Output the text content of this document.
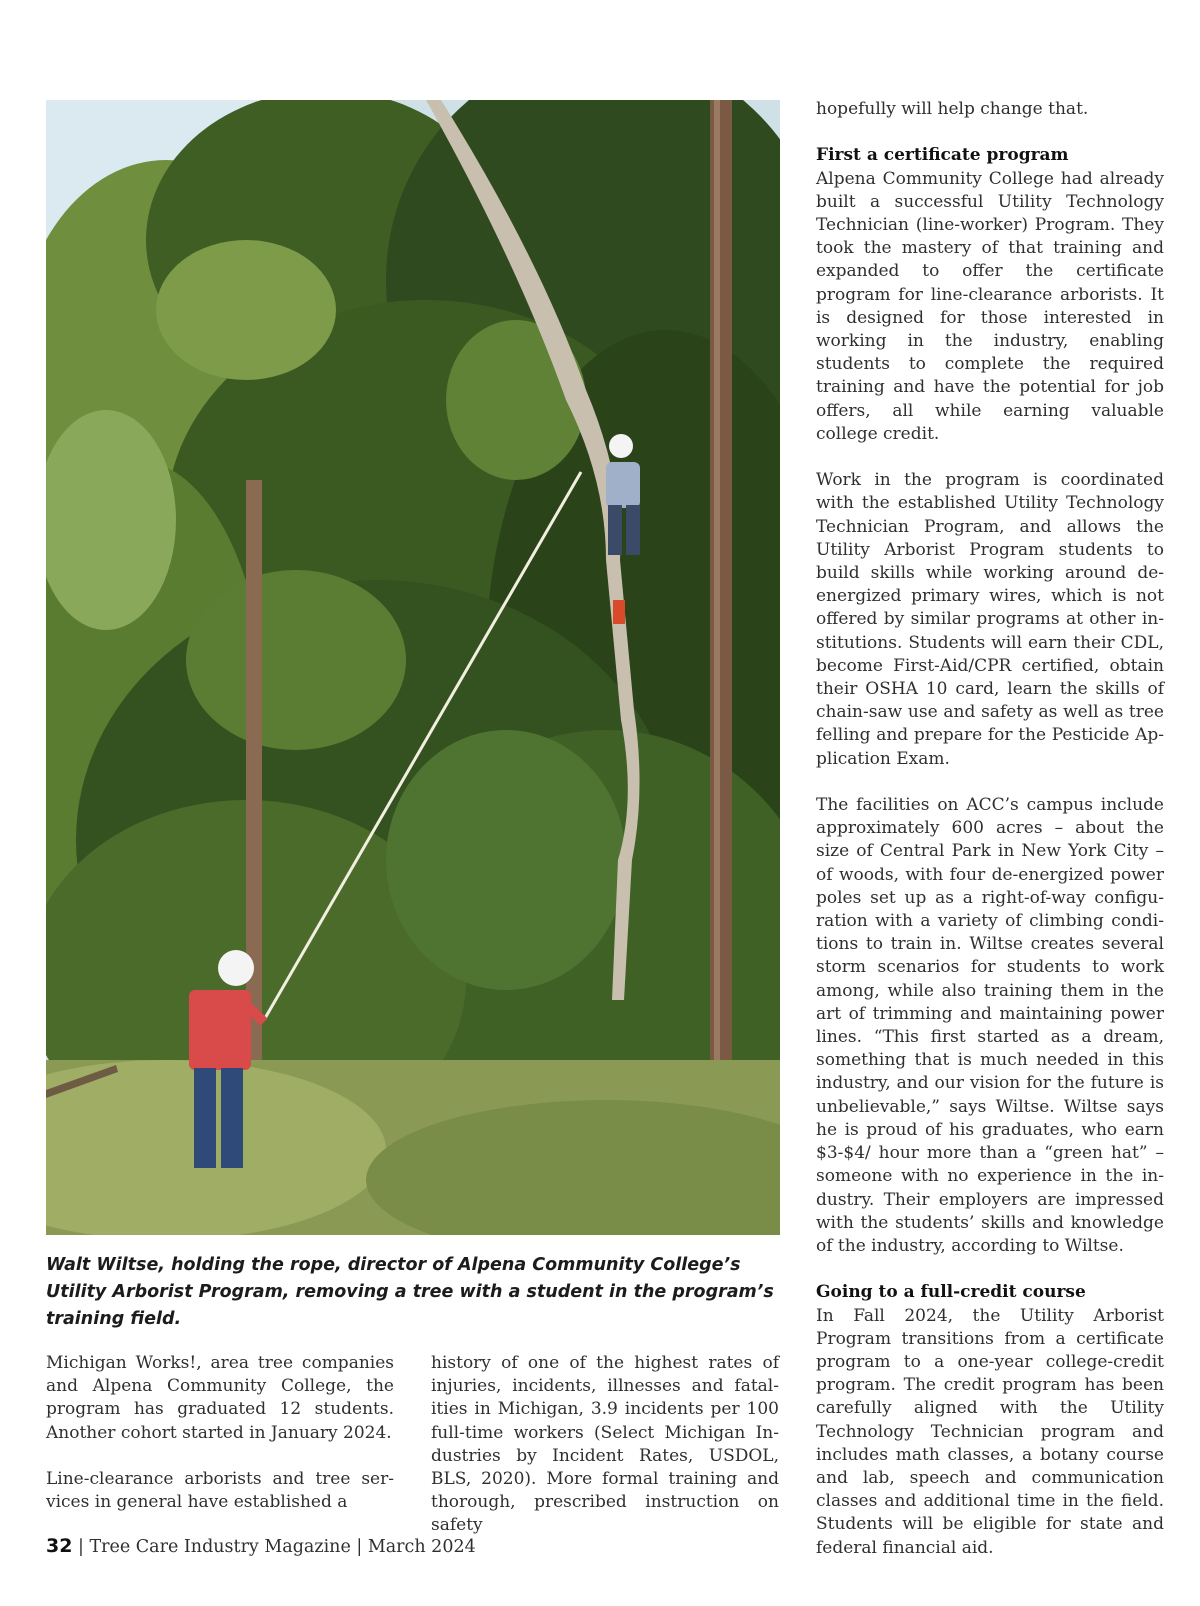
Walt Wiltse, holding the rope, director of Alpena Community College’s Utility Arborist Program, removing a tree with a student in the program’s training field.

hopefully will help change that.

First a certificate program

Alpena Community College had already built a successful Utility Technology Technician (line-worker) Program. They took the mastery of that training and expanded to offer the certificate program for line-clearance arborists. It is designed for those interested in working in the industry, enabling students to complete the required training and have the potential for job offers, all while earning valuable college credit.

Work in the program is coordinated with the established Utility Technology Technician Program, and allows the Utility Arborist Program students to build skills while working around de-energized primary wires, which is not offered by similar programs at other institutions. Students will earn their CDL, become First-Aid/CPR certified, obtain their OSHA 10 card, learn the skills of chain-saw use and safety as well as tree felling and prepare for the Pesticide Application Exam.

The facilities on ACC’s campus include approximately 600 acres – about the size of Central Park in New York City – of woods, with four de-energized power poles set up as a right-of-way configuration with a variety of climbing conditions to train in. Wiltse creates several storm scenarios for students to work among, while also training them in the art of trimming and maintaining power lines. “This first started as a dream, something that is much needed in this industry, and our vision for the future is unbelievable,” says Wiltse. Wiltse says he is proud of his graduates, who earn $3-$4/ hour more than a “green hat” – someone with no experience in the industry. Their employers are impressed with the students’ skills and knowledge of the industry, according to Wiltse.

Going to a full-credit course

In Fall 2024, the Utility Arborist Program transitions from a certificate program to a one-year college-credit program. The credit program has been carefully aligned with the Utility Technology Technician program and includes math classes, a botany course and lab, speech and communication classes and additional time in the field. Students will be eligible for state and federal financial aid.

Michigan Works!, area tree companies and Alpena Community College, the program has graduated 12 students. Another cohort started in January 2024.

Line-clearance arborists and tree services in general have established a

history of one of the highest rates of injuries, incidents, illnesses and fatalities in Michigan, 3.9 incidents per 100 full-time workers (Select Michigan Industries by Incident Rates, USDOL, BLS, 2020). More formal training and thorough, prescribed instruction on safety

32 | Tree Care Industry Magazine | March 2024
